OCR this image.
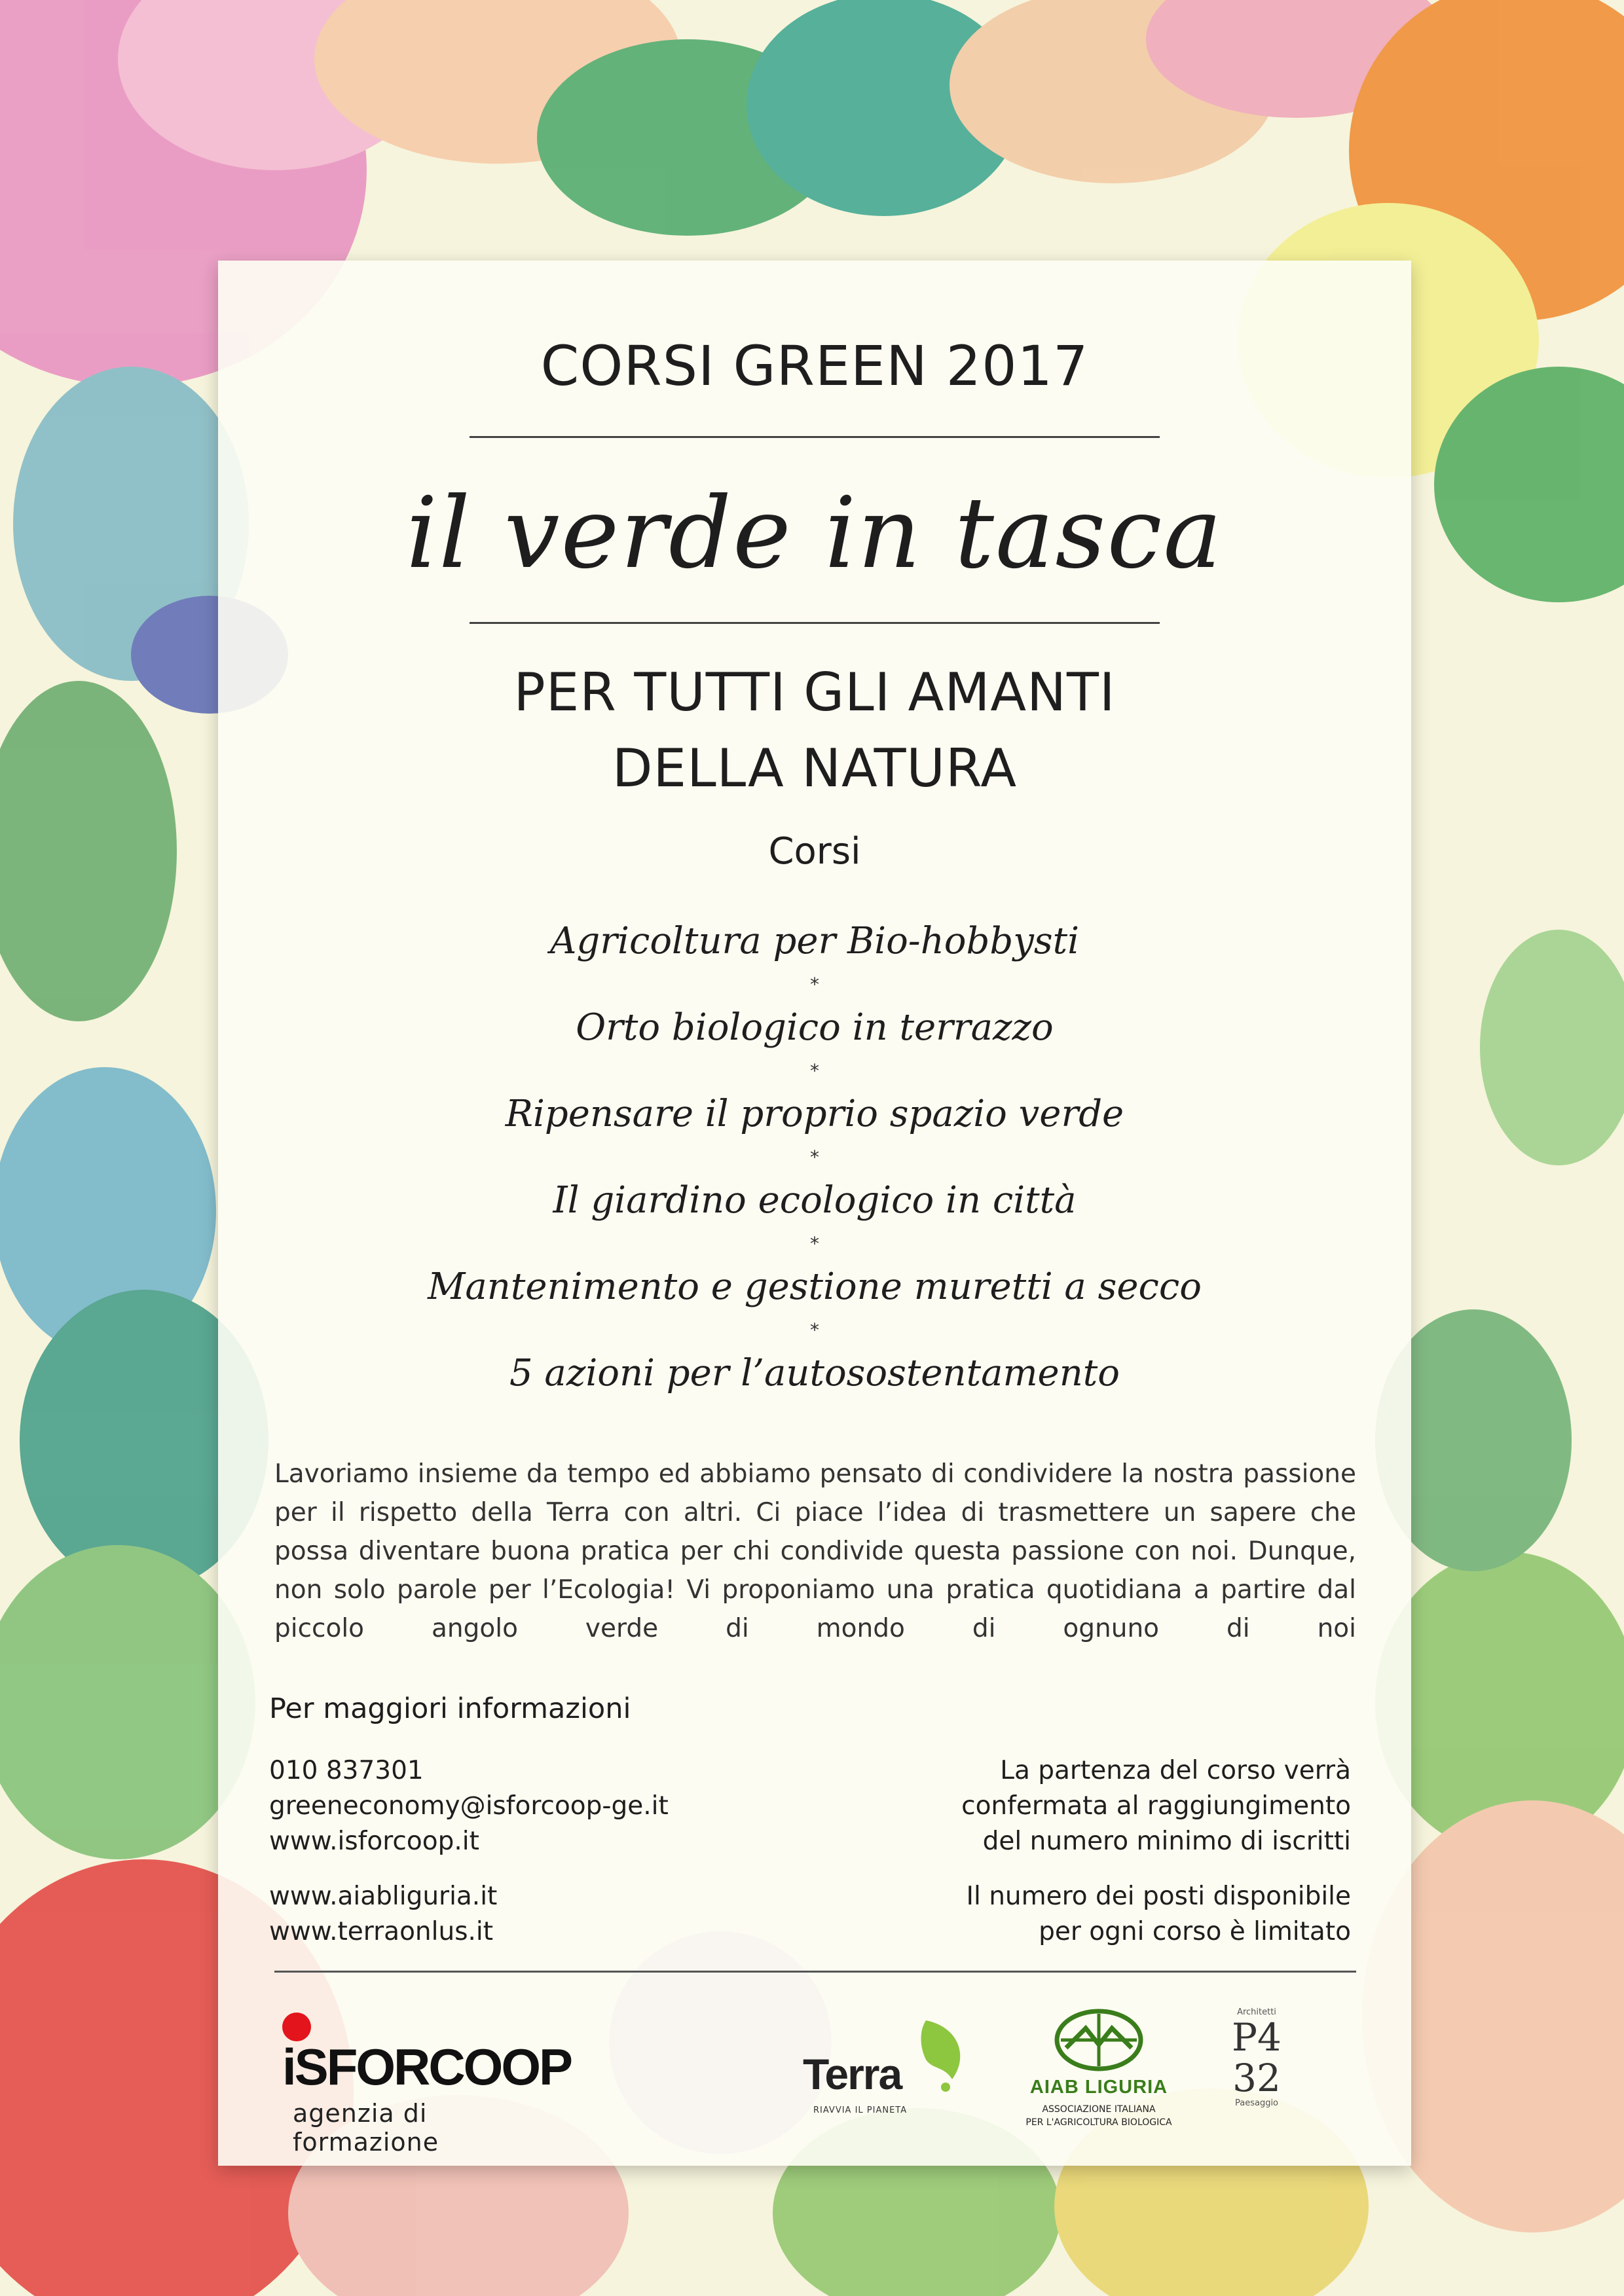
CORSI GREEN 2017
il verde in tasca
PER TUTTI GLI AMANTI
DELLA NATURA
Corsi
Agricoltura per Bio-hobbysti
*
Orto biologico in terrazzo
*
Ripensare il proprio spazio verde
*
Il giardino ecologico in città
*
Mantenimento e gestione muretti a secco
*
5 azioni per l’autosostentamento
Lavoriamo insieme da tempo ed abbiamo pensato di condividere la nostra passione per il rispetto della Terra con altri. Ci piace l’idea di trasmettere un sapere che possa diventare buona pratica per chi condivide questa passione con noi. Dunque, non solo parole per l’Ecologia! Vi proponiamo una pratica quotidiana a partire dal piccolo angolo verde di mondo di ognuno di noi
Per maggiori informazioni
010 837301
greeneconomy@isforcoop-ge.it
www.isforcoop.it
www.aiabliguria.it
www.terraonlus.it
La partenza del corso verrà
confermata al raggiungimento
del numero minimo di iscritti
Il numero dei posti disponibile
per ogni corso è limitato
iSFORCOOP
agenzia di formazione
Terra
RIAVVIA IL PIANETA
AIAB LIGURIA
ASSOCIAZIONE ITALIANA
PER L'AGRICOLTURA BIOLOGICA
Architetti
P4
32
Paesaggio
